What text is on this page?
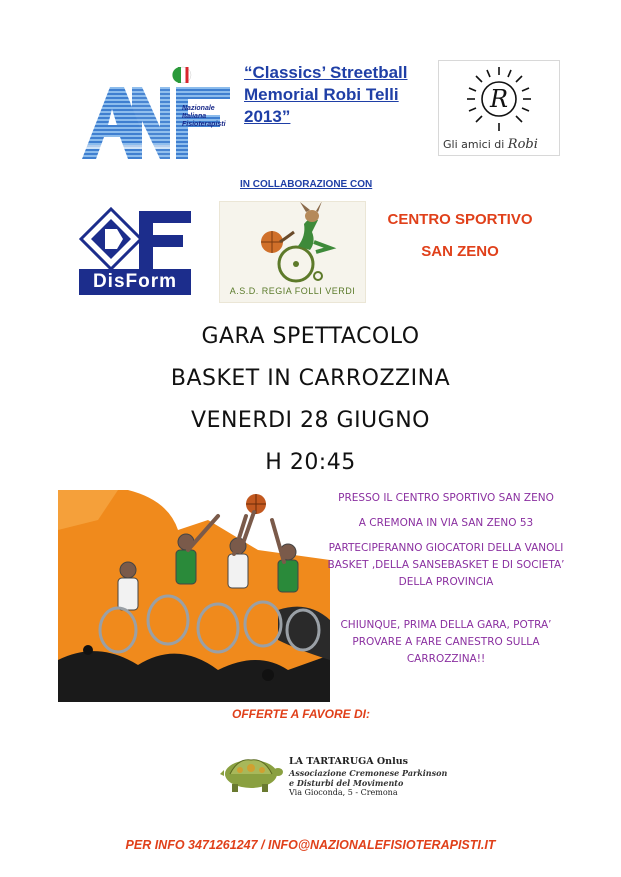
Nazionale
Italiana
Fisioterapisti
“Classics’ Streetball
Memorial Robi Telli
2013”
R
Gli amici di Robi
IN COLLABORAZIONE CON
DisForm	A.S.D. REGIA FOLLI VERDI
CENTRO SPORTIVO
SAN ZENO
GARA SPETTACOLO
BASKET IN CARROZZINA
VENERDI 28 GIUGNO
H 20:45

PRESSO IL CENTRO SPORTIVO SAN ZENO

A CREMONA IN VIA SAN ZENO 53

PARTECIPERANNO GIOCATORI DELLA VANOLI BASKET ,DELLA SANSEBASKET E DI SOCIETA’ DELLA PROVINCIA

CHIUNQUE, PRIMA DELLA GARA, POTRA’ PROVARE A FARE CANESTRO SULLA CARROZZINA!!

OFFERTE A FAVORE DI:
LA TARTARUGA Onlus
Associazione Cremonese Parkinson
e Disturbi del Movimento
Via Gioconda, 5 - Cremona
PER INFO 3471261247 / INFO@NAZIONALEFISIOTERAPISTI.IT
